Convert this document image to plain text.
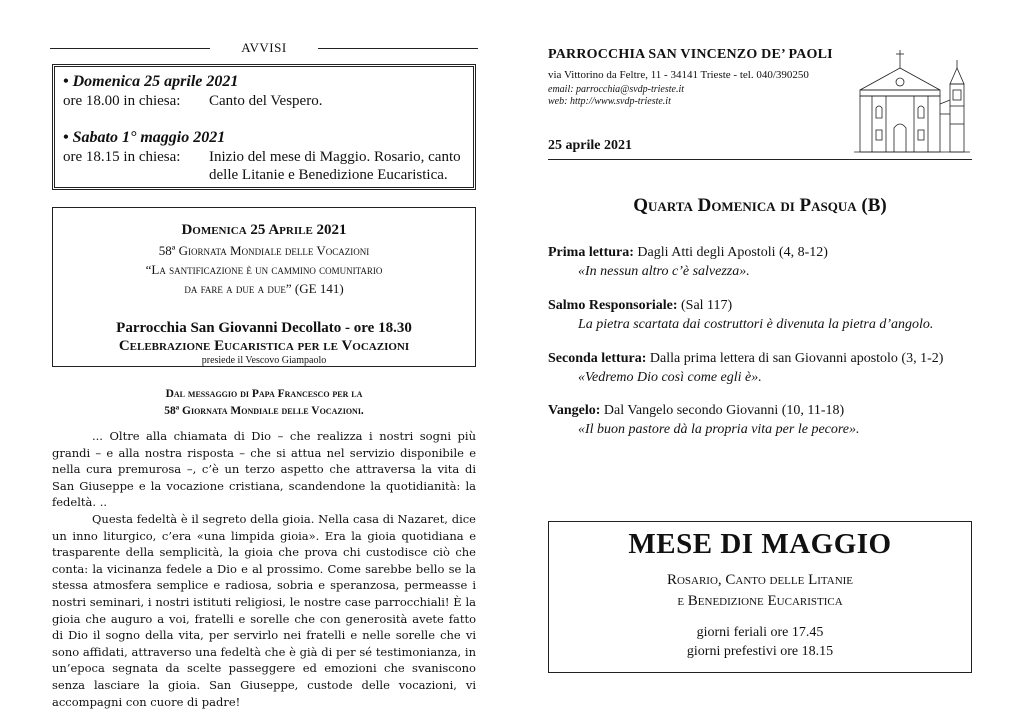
AVVISI
• Domenica 25 aprile 2021
ore 18.00 in chiesa: Canto del Vespero.
• Sabato 1° maggio 2021
ore 18.15 in chiesa: Inizio del mese di Maggio. Rosario, canto
delle Litanie e Benedizione Eucaristica.
Domenica 25 Aprile 2021
58ª Giornata Mondiale delle Vocazioni
“La santificazione è un cammino comunitario
da fare a due a due” (GE 141)
Parrocchia San Giovanni Decollato - ore 18.30
Celebrazione Eucaristica per le Vocazioni
presiede il Vescovo Giampaolo
Dal messaggio di Papa Francesco per la
58ª Giornata Mondiale delle Vocazioni.

... Oltre alla chiamata di Dio – che realizza i nostri sogni più grandi – e alla nostra risposta – che si attua nel servizio disponibile e nella cura premurosa –, c’è un terzo aspetto che attraversa la vita di San Giuseppe e la vocazione cristiana, scandendone la quotidianità: la fedeltà. ..

Questa fedeltà è il segreto della gioia. Nella casa di Nazaret, dice un inno liturgico, c’era «una limpida gioia». Era la gioia quotidiana e trasparente della semplicità, la gioia che prova chi custodisce ciò che conta: la vicinanza fedele a Dio e al prossimo. Come sarebbe bello se la stessa atmosfera semplice e radiosa, sobria e speranzosa, permeasse i nostri seminari, i nostri istituti religiosi, le nostre case parrocchiali! È la gioia che auguro a voi, fratelli e sorelle che con generosità avete fatto di Dio il sogno della vita, per servirlo nei fratelli e nelle sorelle che vi sono affidati, attraverso una fedeltà che è già di per sé testimonianza, in un’epoca segnata da scelte passeggere ed emozioni che svaniscono senza lasciare la gioia. San Giuseppe, custode delle vocazioni, vi accompagni con cuore di padre!

PARROCCHIA SAN VINCENZO DE’ PAOLI
via Vittorino da Feltre, 11 - 34141 Trieste - tel. 040/390250
email: parrocchia@svdp-trieste.it
web: http://www.svdp-trieste.it
25 aprile 2021
Quarta Domenica di Pasqua (B)
Prima lettura: Dagli Atti degli Apostoli (4, 8-12)
«In nessun altro c’è salvezza».
Salmo Responsoriale: (Sal 117)
La pietra scartata dai costruttori è divenuta la pietra d’angolo.
Seconda lettura: Dalla prima lettera di san Giovanni apostolo (3, 1-2)
«Vedremo Dio così come egli è».
Vangelo: Dal Vangelo secondo Giovanni (10, 11-18)
«Il buon pastore dà la propria vita per le pecore».
MESE DI MAGGIO
Rosario, Canto delle Litanie
e Benedizione Eucaristica
giorni feriali ore 17.45
giorni prefestivi ore 18.15
